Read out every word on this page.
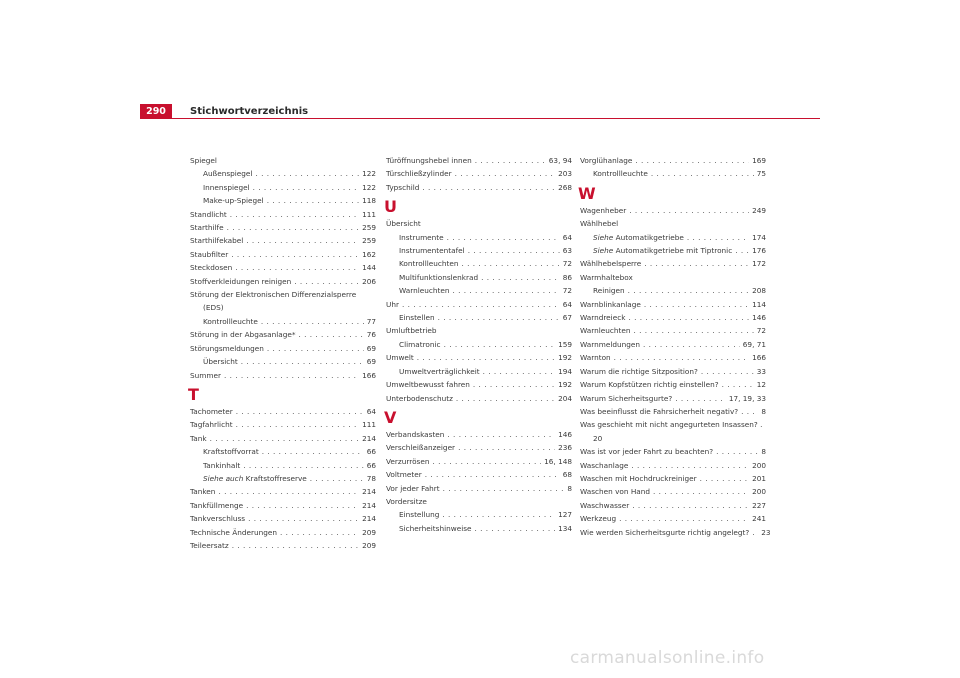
290	Stichwortverzeichnis
Spiegel
Außenspiegel . . .	122
Innenspiegel . . .	122
Make-up-Spiegel . . .	118
Standlicht . . .	111
Starthilfe . . .	259
Starthilfekabel . . .	259
Staubfilter . . .	162
Steckdosen . . .	144
Stoffverkleidungen reinigen . . .	206
Störung der Elektronischen Differenzialsperre
(EDS)
Kontrollleuchte . . .	77
Störung in der Abgasanlage* . . .	76
Störungsmeldungen . . .	69
Übersicht . . .	69
Summer . . .	166
T
Tachometer . . .	64
Tagfahrlicht . . .	111
Tank . . .	214
Kraftstoffvorrat . . .	66
Tankinhalt . . .	66
Siehe auch Kraftstoffreserve . . .	78
Tanken . . .	214
Tankfüllmenge . . .	214
Tankverschluss . . .	214
Technische Änderungen . . .	209
Teileersatz . . .	209
Türöffnungshebel innen . . .	63, 94
Türschließzylinder . . .	203
Typschild . . .	268
U
Übersicht
Instrumente . . .	64
Instrumententafel . . .	63
Kontrollleuchten . . .	72
Multifunktionslenkrad . . .	86
Warnleuchten . . .	72
Uhr . . .	64
Einstellen . . .	67
Umluftbetrieb
Climatronic . . .	159
Umwelt . . .	192
Umweltverträglichkeit . . .	194
Umweltbewusst fahren . . .	192
Unterbodenschutz . . .	204
V
Verbandskasten . . .	146
Verschleißanzeiger . . .	236
Verzurrösen . . .	16, 148
Voltmeter . . .	68
Vor jeder Fahrt . . .	8
Vordersitze
Einstellung . . .	127
Sicherheitshinweise . . .	134
Vorglühanlage . . .	169
Kontrollleuchte . . .	75
W
Wagenheber . . .	249
Wählhebel
Siehe Automatikgetriebe . . .	174
Siehe Automatikgetriebe mit Tiptronic . . .	176
Wählhebelsperre . . .	172
Warmhaltebox
Reinigen . . .	208
Warnblinkanlage . . .	114
Warndreieck . . .	146
Warnleuchten . . .	72
Warnmeldungen . . .	69, 71
Warnton . . .	166
Warum die richtige Sitzposition? . . .	33
Warum Kopfstützen richtig einstellen? . . .	12
Warum Sicherheitsgurte? . . .	17, 19, 33
Was beeinflusst die Fahrsicherheit negativ? . . .	8
Was geschieht mit nicht angegurteten Insassen? .
20
Was ist vor jeder Fahrt zu beachten? . . .	8
Waschanlage . . .	200
Waschen mit Hochdruckreiniger . . .	201
Waschen von Hand . . .	200
Waschwasser . . .	227
Werkzeug . . .	241
Wie werden Sicherheitsgurte richtig angelegt? . . . 23
carmanualsonline.info
